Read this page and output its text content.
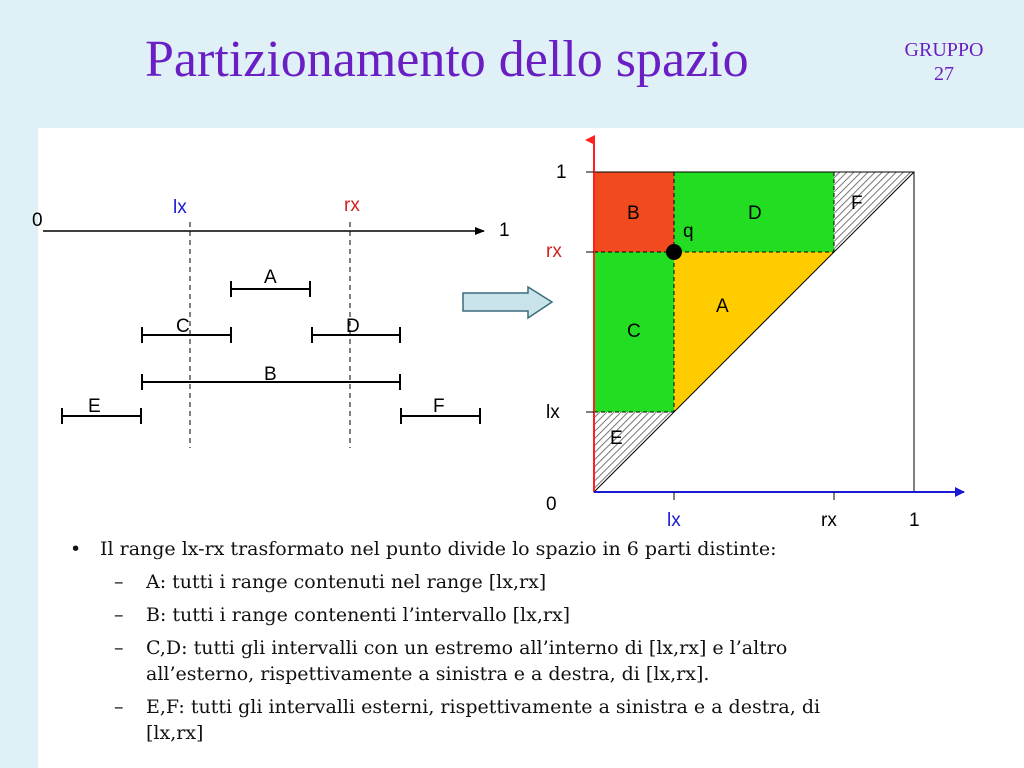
Partizionamento dello spazio	GRUPPO
27
0	1
lx	rx
A
C	D
B
E	F
q
1
rx
lx
0
lx	rx	1
B	D	F
A
C
E
• Il range lx-rx trasformato nel punto divide lo spazio in 6 parti distinte:
–	A: tutti i range contenuti nel range [lx,rx]
–	B: tutti i range contenenti l’intervallo [lx,rx]
–	C,D: tutti gli intervalli con un estremo all’interno di [lx,rx] e l’altro
all’esterno, rispettivamente a sinistra e a destra, di [lx,rx].
–	E,F: tutti gli intervalli esterni, rispettivamente a sinistra e a destra, di
[lx,rx]
